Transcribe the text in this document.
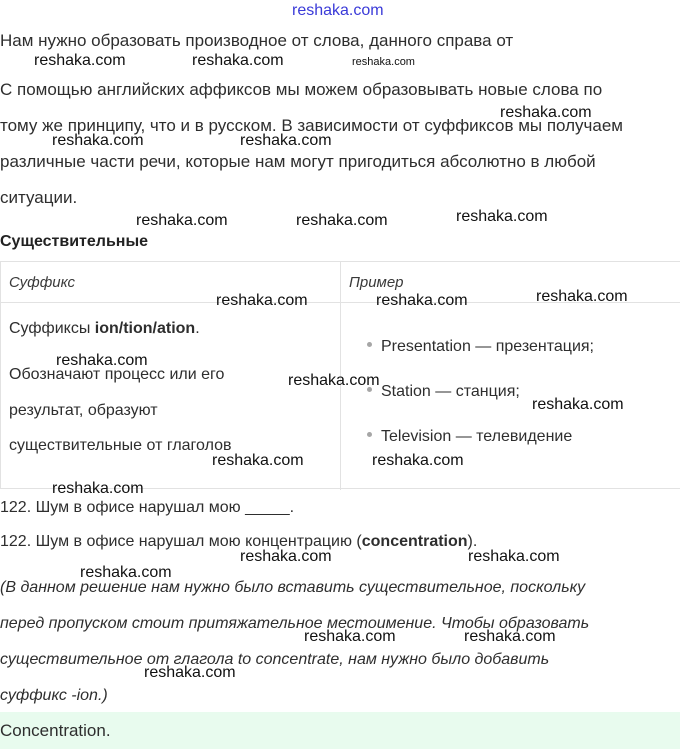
reshaka.com
Нам нужно образовать производное от слова, данного справа от
С помощью английских аффиксов мы можем образовывать новые слова по
тому же принципу, что и в русском. В зависимости от суффиксов мы получаем
различные части речи, которые нам могут пригодиться абсолютно в любой
ситуации.
Существительные
Суффикс	Пример
Суффиксы ion/tion/ation.
Обозначают процесс или его
результат, образуют
существительные от глаголов
Presentation — презентация;
Station — станция;
Television — телевидение
122. Шум в офисе нарушал мою _____.
122. Шум в офисе нарушал мою концентрацию (concentration).
(В данном решение нам нужно было вставить существительное, поскольку
перед пропуском стоит притяжательное местоимение. Чтобы образовать
существительное от глагола to concentrate, нам нужно было добавить
суффикс -ion.)
Concentration.
reshaka.com	reshaka.com	reshaka.com
reshaka.com
reshaka.com	reshaka.com
reshaka.com	reshaka.com	reshaka.com
reshaka.com	reshaka.com	reshaka.com
reshaka.com
reshaka.com
reshaka.com
reshaka.com	reshaka.com
reshaka.com
reshaka.com	reshaka.com
reshaka.com
reshaka.com	reshaka.com
reshaka.com
